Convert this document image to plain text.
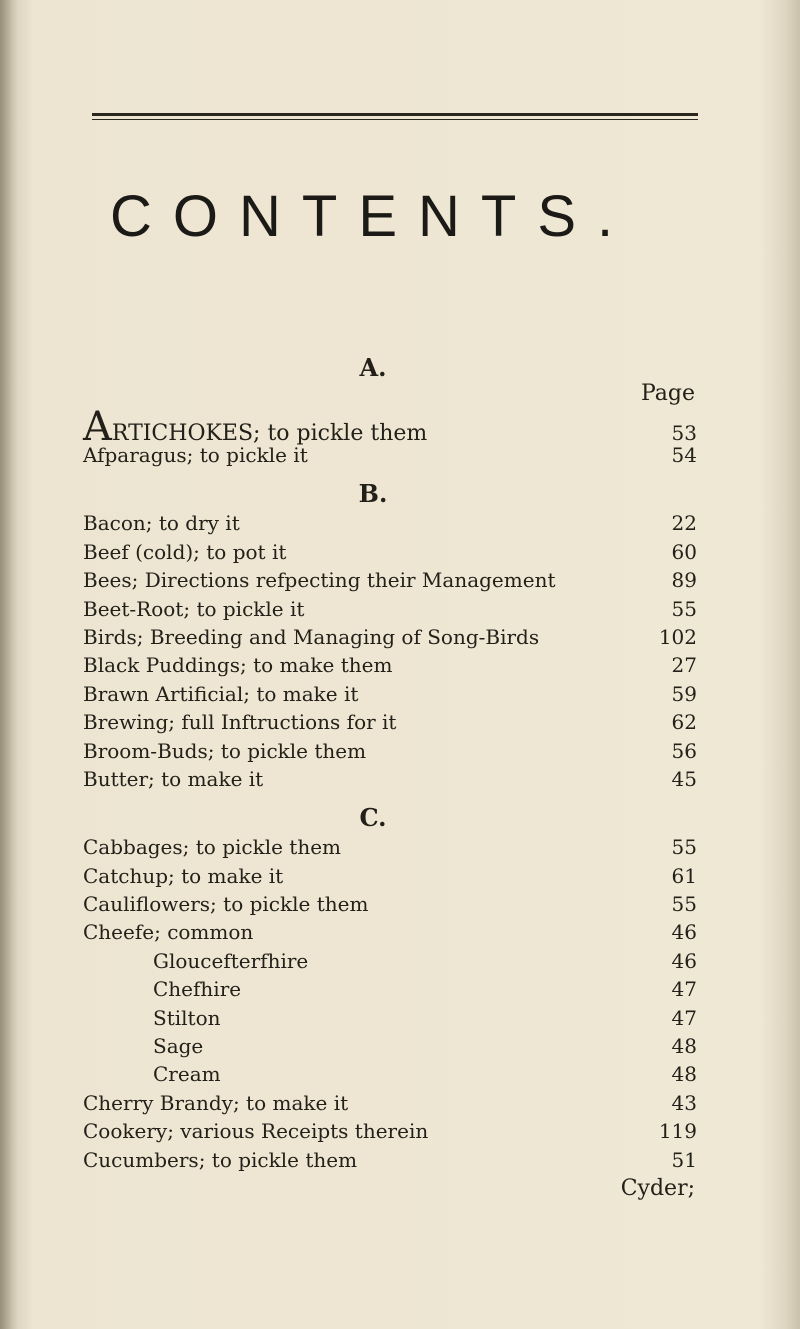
CONTENTS.
A.
Page
ARTICHOKES; to pickle them	53
Afparagus; to pickle it	54
B.
Bacon; to dry it	22
Beef (cold); to pot it	60
Bees; Directions refpecting their Management	89
Beet-Root; to pickle it	55
Birds; Breeding and Managing of Song-Birds	102
Black Puddings; to make them	27
Brawn Artificial; to make it	59
Brewing; full Inftructions for it	62
Broom-Buds; to pickle them	56
Butter; to make it	45
C.
Cabbages; to pickle them	55
Catchup; to make it	61
Cauliflowers; to pickle them	55
Cheefe; common	46
Gloucefterfhire	46
Chefhire	47
Stilton	47
Sage	48
Cream	48
Cherry Brandy; to make it	43
Cookery; various Receipts therein	119
Cucumbers; to pickle them	51
Cyder;
